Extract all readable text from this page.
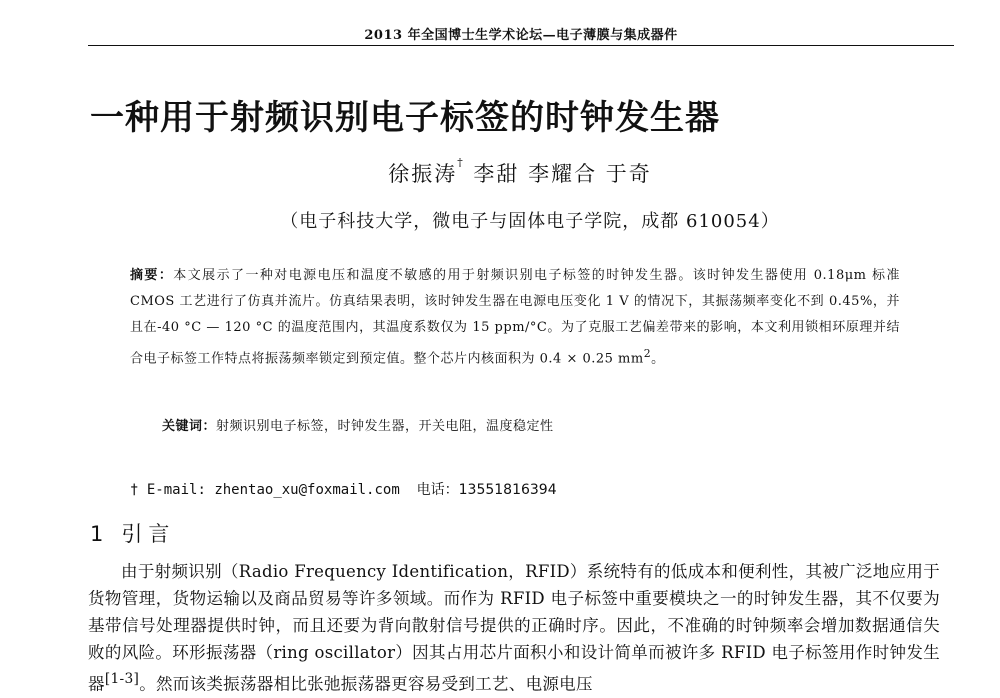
2013 年全国博士生学术论坛—电子薄膜与集成器件
一种用于射频识别电子标签的时钟发生器
徐振涛† 李甜 李耀合 于奇
（电子科技大学，微电子与固体电子学院，成都 610054）
摘要：本文展示了一种对电源电压和温度不敏感的用于射频识别电子标签的时钟发生器。该时钟发生器使用 0.18μm 标准 CMOS 工艺进行了仿真并流片。仿真结果表明，该时钟发生器在电源电压变化 1 V 的情况下，其振荡频率变化不到 0.45%，并且在-40 °C — 120 °C 的温度范围内，其温度系数仅为 15 ppm/°C。为了克服工艺偏差带来的影响，本文利用锁相环原理并结合电子标签工作特点将振荡频率锁定到预定值。整个芯片内核面积为 0.4 × 0.25 $mm^2$。
关键词：射频识别电子标签，时钟发生器，开关电阻，温度稳定性
† E-mail: zhentao_xu@foxmail.com 电话：13551816394
1 引言

由于射频识别（Radio Frequency Identification，RFID）系统特有的低成本和便利性，其被广泛地应用于货物管理，货物运输以及商品贸易等许多领域。而作为 RFID 电子标签中重要模块之一的时钟发生器，其不仅要为基带信号处理器提供时钟，而且还要为背向散射信号提供的正确时序。因此，不准确的时钟频率会增加数据通信失败的风险。环形振荡器（ring oscillator）因其占用芯片面积小和设计简单而被许多 RFID 电子标签用作时钟发生器[1-3]。然而该类振荡器相比张弛振荡器更容易受到工艺、电源电压
